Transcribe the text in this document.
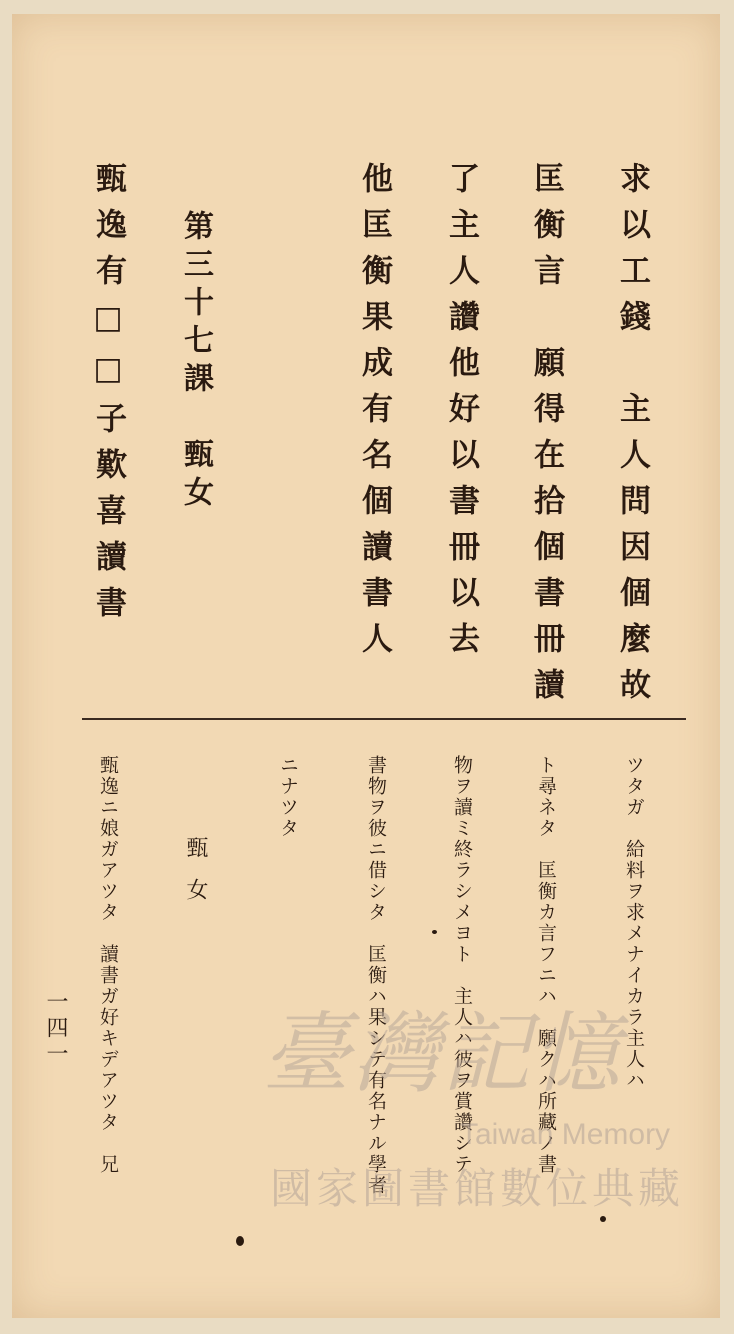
求以工錢　主人問因個麼故
匡衡言　願得在拾個書冊讀
了主人讚他好以書冊以去
他匡衡果成有名個讀書人
第三十七課　甄女
甄逸有□□子歎喜讀書
ツタガ　給料ヲ求メナイカラ主人ハ
ト尋ネタ　匡衡カ言フニハ　願クハ所藏ノ書
物ヲ讀ミ終ラシメヨト　主人ハ彼ヲ賞讚シテ
書物ヲ彼ニ借シタ　匡衡ハ果シテ有名ナル學者
ニナツタ
甄女
甄逸ニ娘ガアツタ　讀書ガ好キデアツタ　兄
一四一 臺灣記憶
Taiwan Memory
國家圖書館數位典藏
